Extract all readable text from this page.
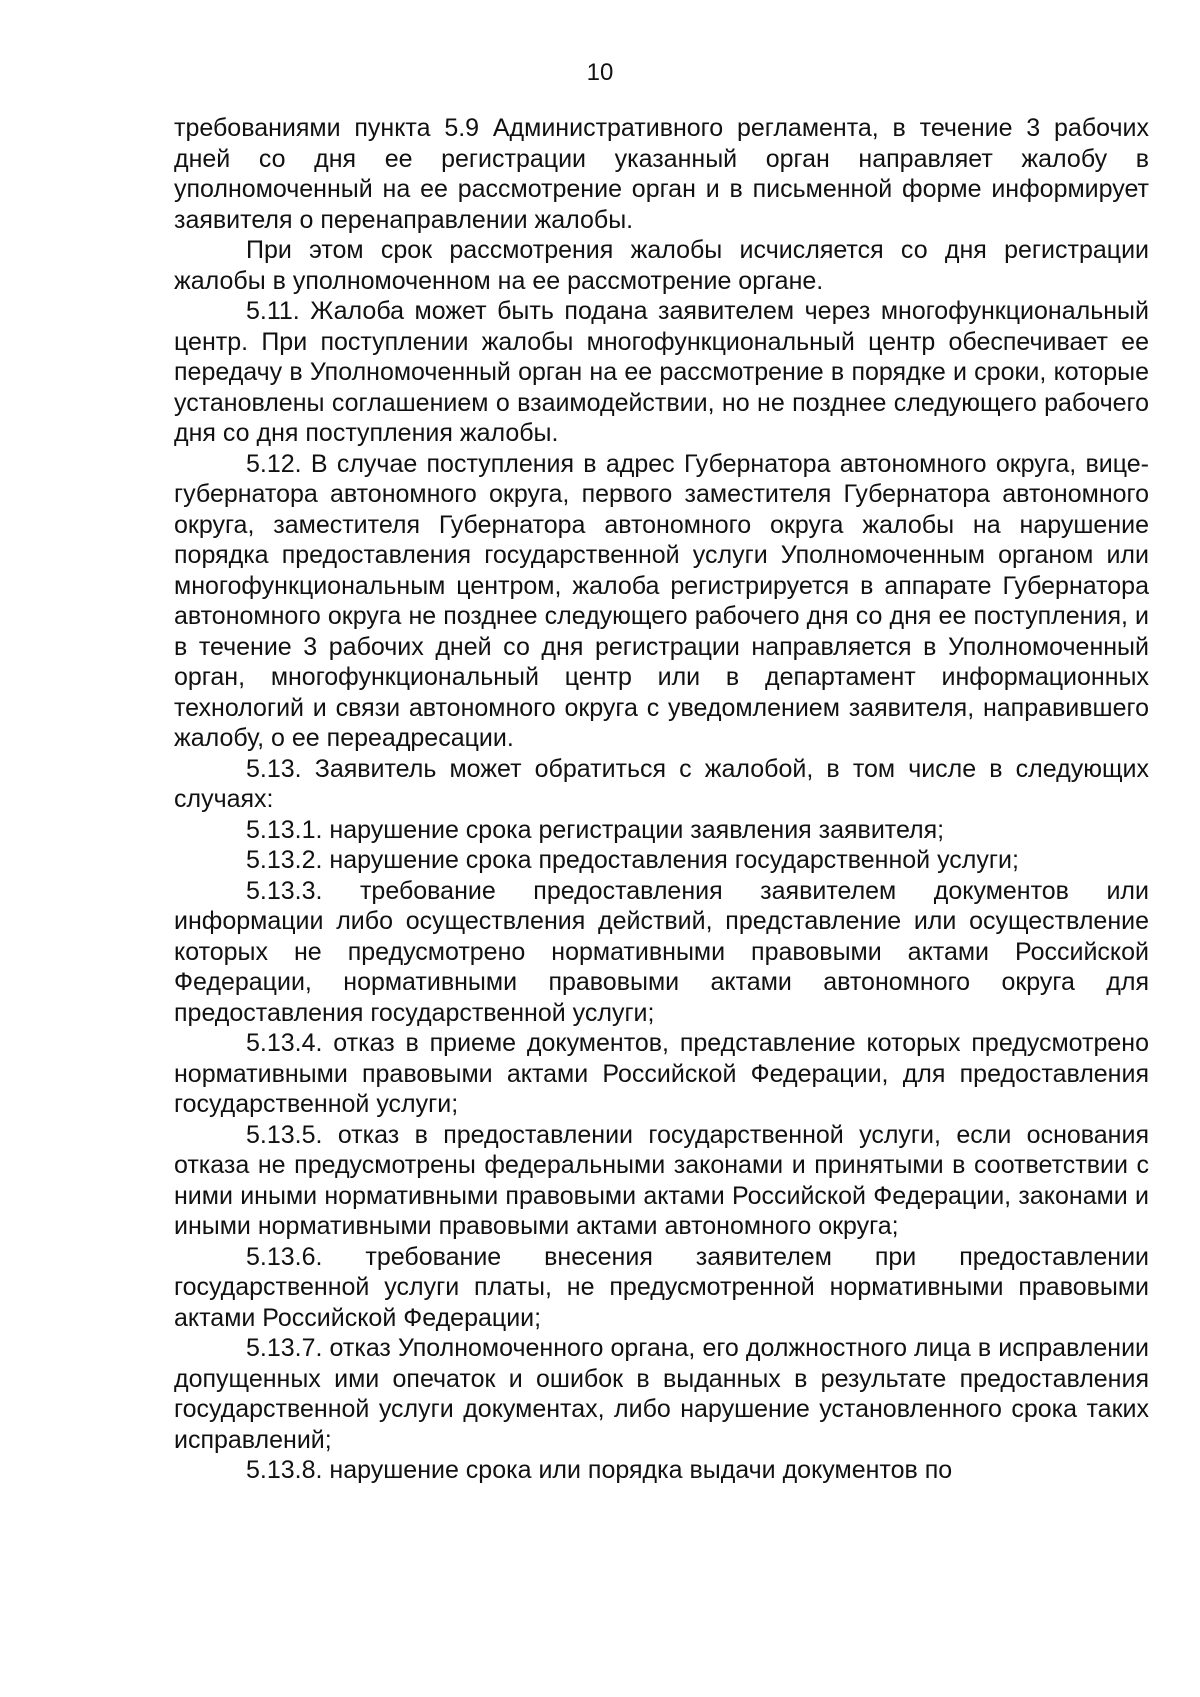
10

требованиями пункта 5.9 Административного регламента, в течение 3 рабочих дней со дня ее регистрации указанный орган направляет жалобу в уполномоченный на ее рассмотрение орган и в письменной форме информирует заявителя о перенаправлении жалобы.

При этом срок рассмотрения жалобы исчисляется со дня регистрации жалобы в уполномоченном на ее рассмотрение органе.

5.11. Жалоба может быть подана заявителем через многофункциональный центр. При поступлении жалобы многофункциональный центр обеспечивает ее передачу в Уполномоченный орган на ее рассмотрение в порядке и сроки, которые установлены соглашением о взаимодействии, но не позднее следующего рабочего дня со дня поступления жалобы.

5.12. В случае поступления в адрес Губернатора автономного округа, вице-губернатора автономного округа, первого заместителя Губернатора автономного округа, заместителя Губернатора автономного округа жалобы на нарушение порядка предоставления государственной услуги Уполномоченным органом или многофункциональным центром, жалоба регистрируется в аппарате Губернатора автономного округа не позднее следующего рабочего дня со дня ее поступления, и в течение 3 рабочих дней со дня регистрации направляется в Уполномоченный орган, многофункциональный центр или в департамент информационных технологий и связи автономного округа с уведомлением заявителя, направившего жалобу, о ее переадресации.

5.13. Заявитель может обратиться с жалобой, в том числе в следующих случаях:

5.13.1. нарушение срока регистрации заявления заявителя;

5.13.2. нарушение срока предоставления государственной услуги;

5.13.3. требование предоставления заявителем документов или информации либо осуществления действий, представление или осуществление которых не предусмотрено нормативными правовыми актами Российской Федерации, нормативными правовыми актами автономного округа для предоставления государственной услуги;

5.13.4. отказ в приеме документов, представление которых предусмотрено нормативными правовыми актами Российской Федерации, для предоставления государственной услуги;

5.13.5. отказ в предоставлении государственной услуги, если основания отказа не предусмотрены федеральными законами и принятыми в соответствии с ними иными нормативными правовыми актами Российской Федерации, законами и иными нормативными правовыми актами автономного округа;

5.13.6. требование внесения заявителем при предоставлении государственной услуги платы, не предусмотренной нормативными правовыми актами Российской Федерации;

5.13.7. отказ Уполномоченного органа, его должностного лица в исправлении допущенных ими опечаток и ошибок в выданных в результате предоставления государственной услуги документах, либо нарушение установленного срока таких исправлений;

5.13.8. нарушение срока или порядка выдачи документов по
